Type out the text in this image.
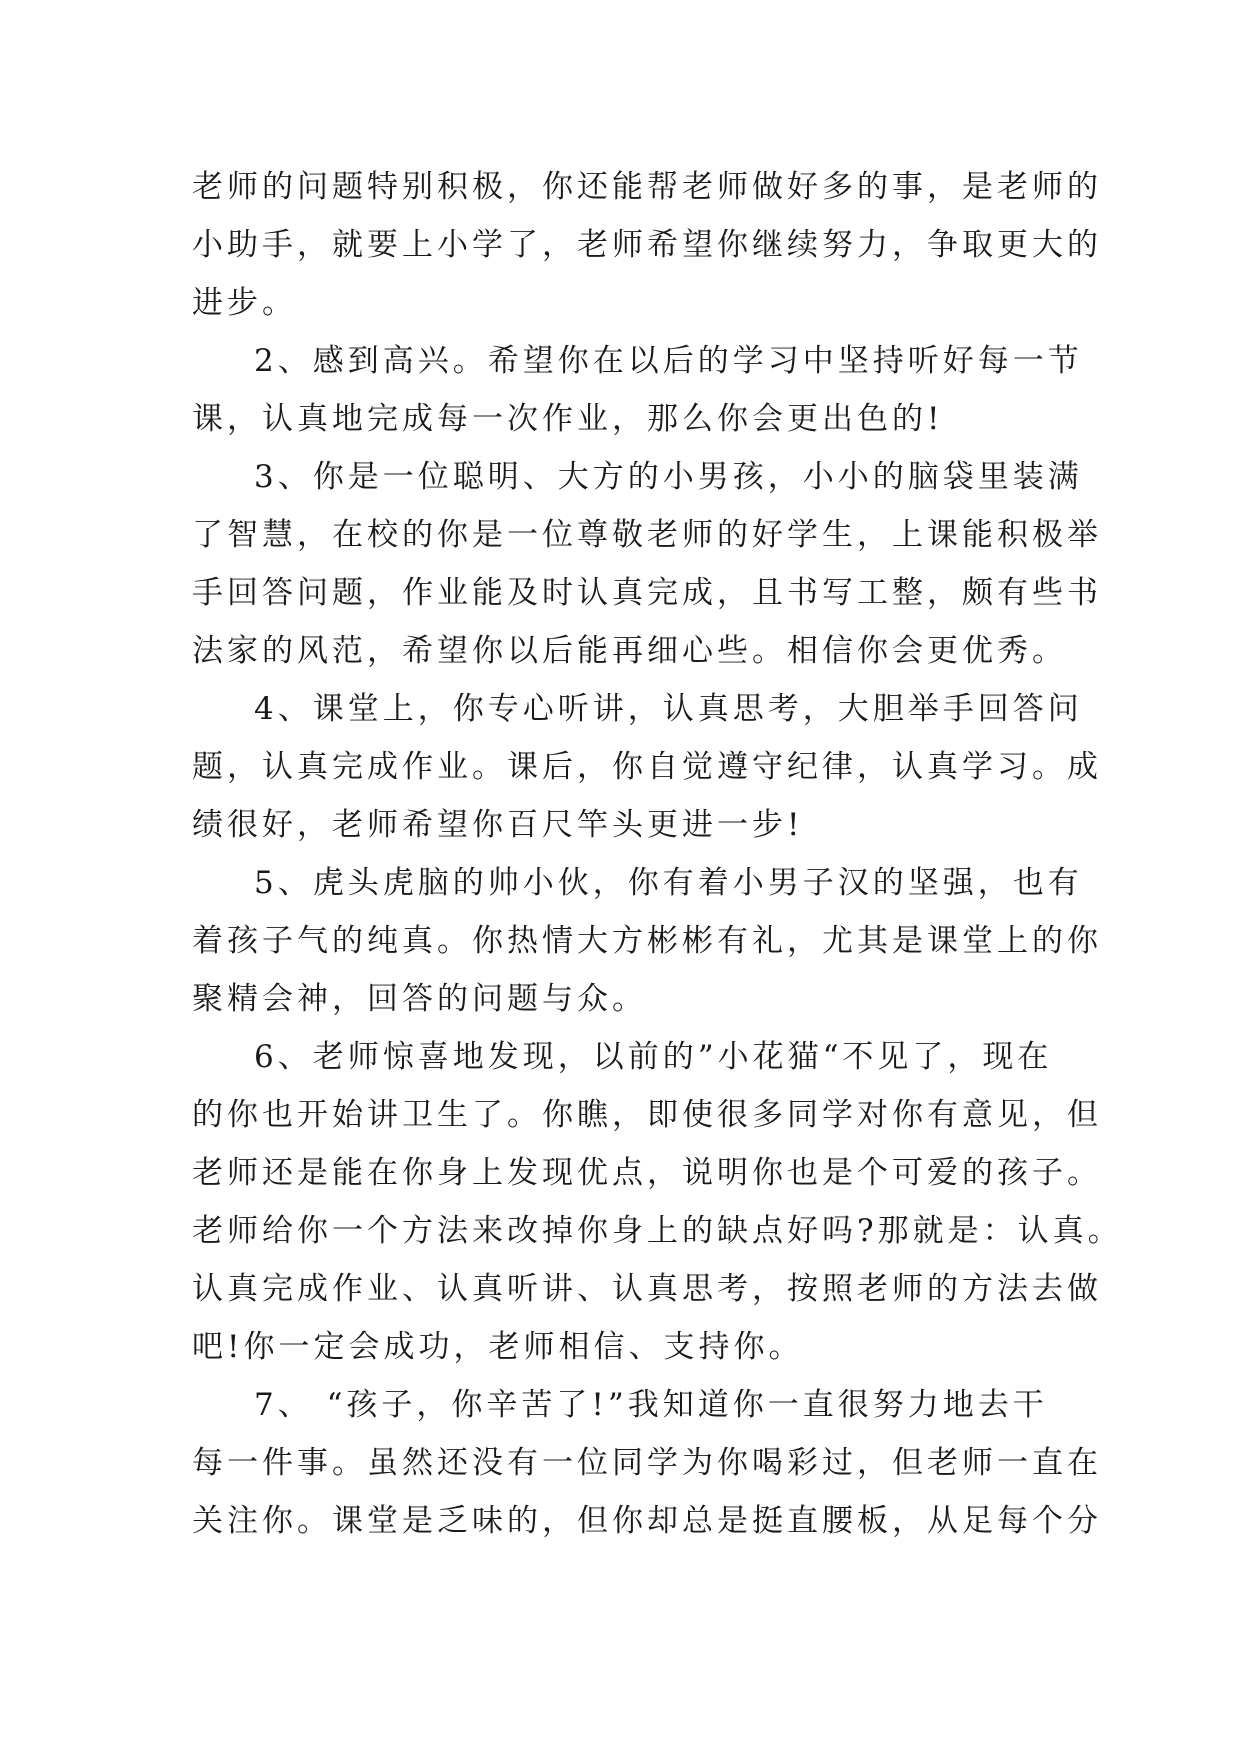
老师的问题特别积极，你还能帮老师做好多的事，是老师的
小助手，就要上小学了，老师希望你继续努力，争取更大的
进步。
2、感到高兴。希望你在以后的学习中坚持听好每一节
课，认真地完成每一次作业，那么你会更出色的!
3、你是一位聪明、大方的小男孩，小小的脑袋里装满
了智慧，在校的你是一位尊敬老师的好学生，上课能积极举
手回答问题，作业能及时认真完成，且书写工整，颇有些书
法家的风范，希望你以后能再细心些。相信你会更优秀。
4、课堂上，你专心听讲，认真思考，大胆举手回答问
题，认真完成作业。课后，你自觉遵守纪律，认真学习。成
绩很好，老师希望你百尺竿头更进一步!
5、虎头虎脑的帅小伙，你有着小男子汉的坚强，也有
着孩子气的纯真。你热情大方彬彬有礼，尤其是课堂上的你
聚精会神，回答的问题与众。
6、老师惊喜地发现，以前的”小花猫“不见了，现在
的你也开始讲卫生了。你瞧，即使很多同学对你有意见，但
老师还是能在你身上发现优点，说明你也是个可爱的孩子。
老师给你一个方法来改掉你身上的缺点好吗?那就是：认真。
认真完成作业、认真听讲、认真思考，按照老师的方法去做
吧!你一定会成功，老师相信、支持你。
7、 “孩子，你辛苦了!”我知道你一直很努力地去干
每一件事。虽然还没有一位同学为你喝彩过，但老师一直在
关注你。课堂是乏味的，但你却总是挺直腰板，从足每个分
